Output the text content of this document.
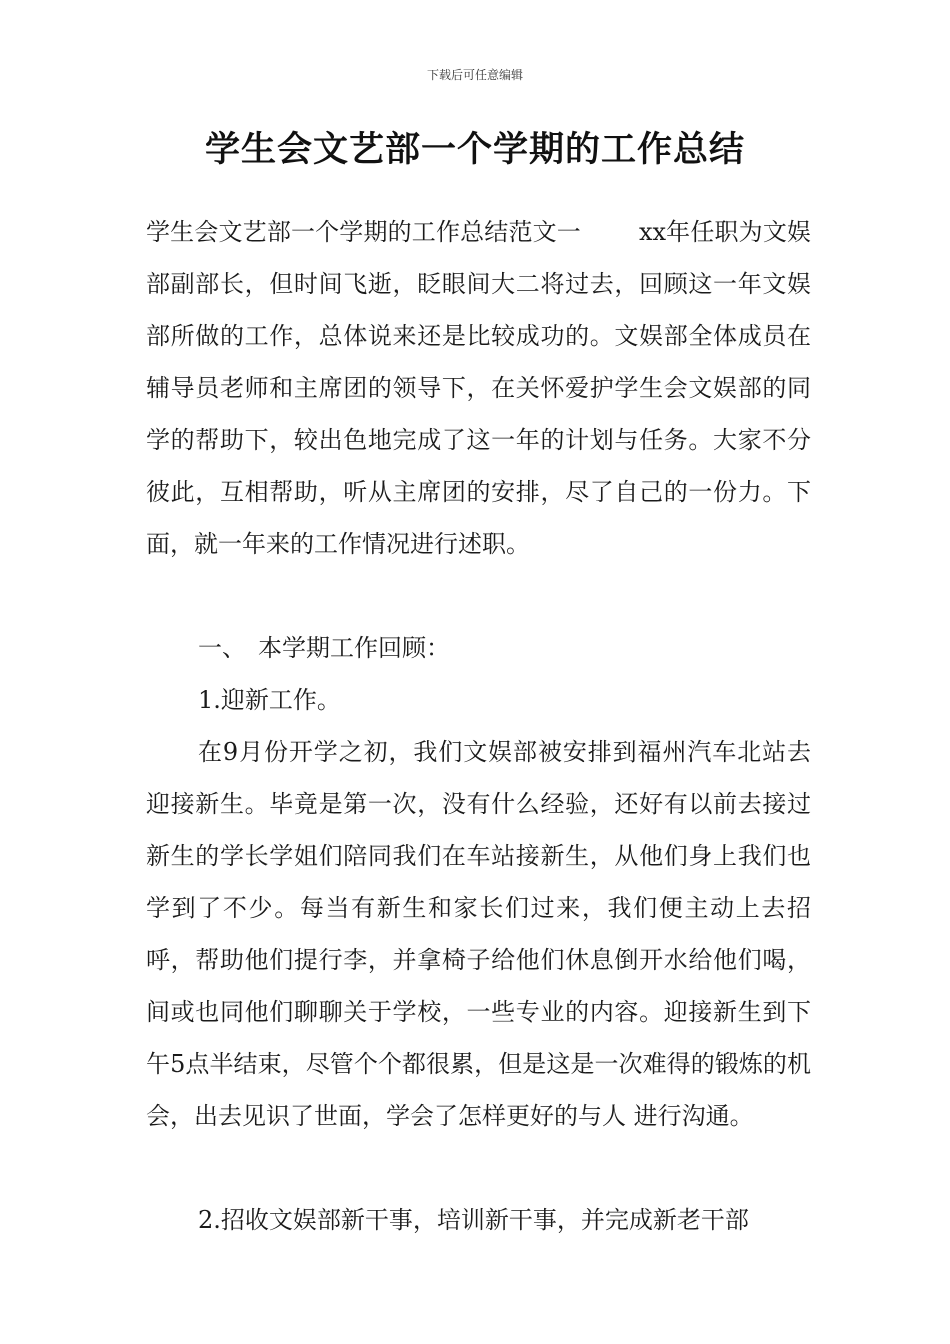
下载后可任意编辑
学生会文艺部一个学期的工作总结

学生会文艺部一个学期的工作总结范文一 xx年任职为文娱部副部长，但时间飞逝，眨眼间大二将过去，回顾这一年文娱部所做的工作，总体说来还是比较成功的。文娱部全体成员在辅导员老师和主席团的领导下，在关怀爱护学生会文娱部的同学的帮助下，较出色地完成了这一年的计划与任务。大家不分彼此，互相帮助，听从主席团的安排，尽了自己的一份力。下面，就一年来的工作情况进行述职。

一、　本学期工作回顾：

1.迎新工作。

在9月份开学之初，我们文娱部被安排到福州汽车北站去迎接新生。毕竟是第一次，没有什么经验，还好有以前去接过新生的学长学姐们陪同我们在车站接新生，从他们身上我们也学到了不少。每当有新生和家长们过来，我们便主动上去招呼，帮助他们提行李，并拿椅子给他们休息倒开水给他们喝，间或也同他们聊聊关于学校，一些专业的内容。迎接新生到下午5点半结束，尽管个个都很累，但是这是一次难得的锻炼的机会，出去见识了世面，学会了怎样更好的与人 进行沟通。

2.招收文娱部新干事，培训新干事，并完成新老干部
